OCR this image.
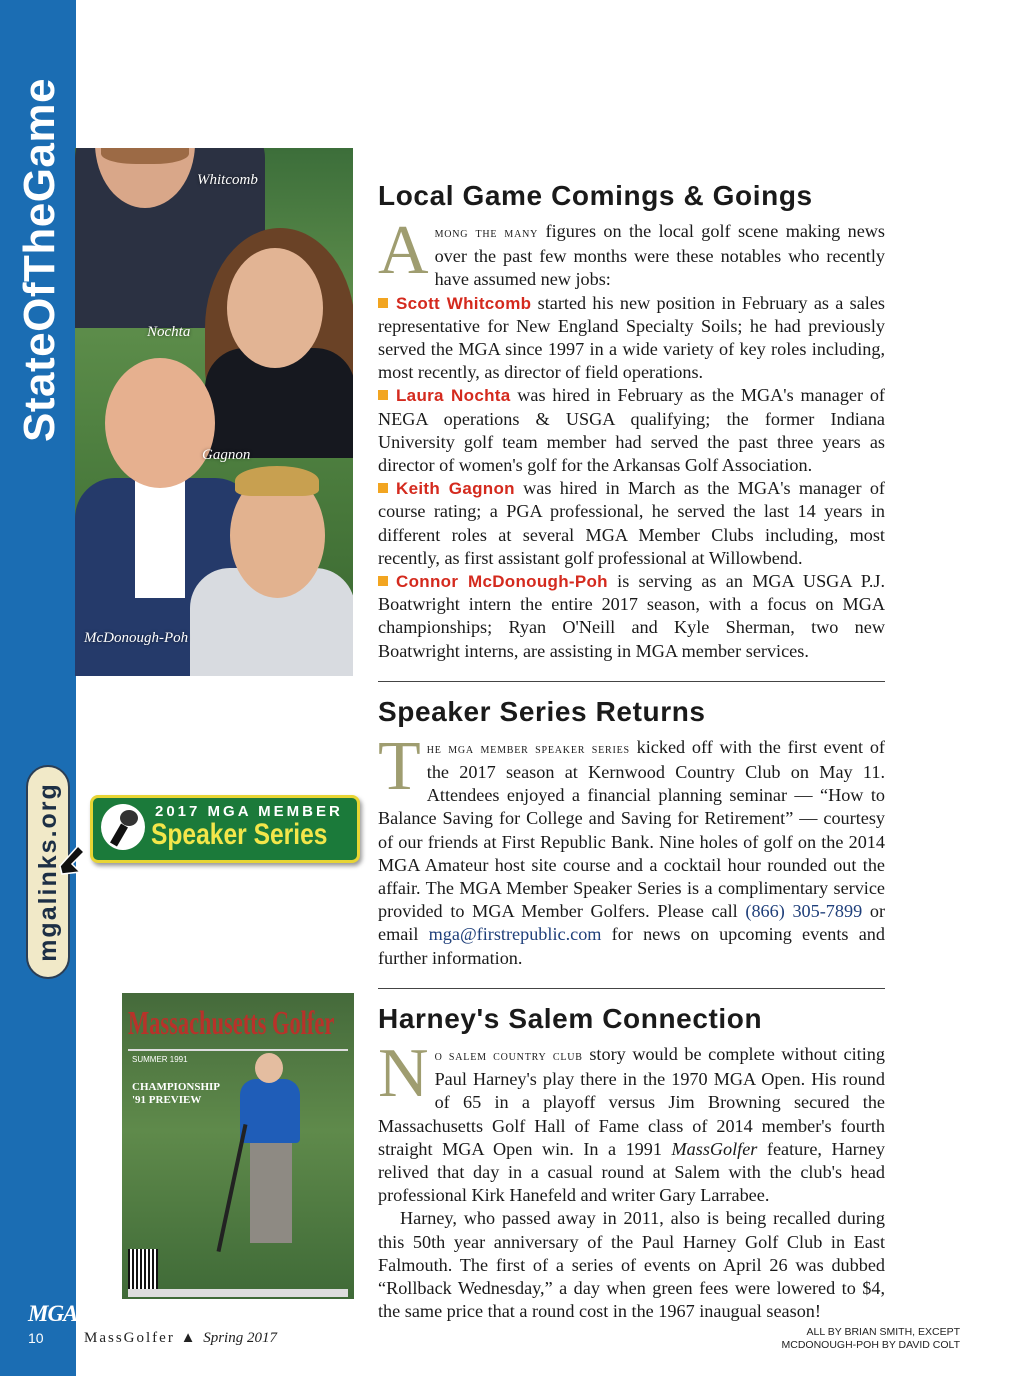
StateOfTheGame
mgalinks.org
MGA
10	MassGolfer ▲ Spring 2017	ALL BY BRIAN SMITH, EXCEPT
MCDONOUGH-POH BY DAVID COLT
Whitcomb
Nochta
Gagnon
McDonough-Poh
2017 MGA MEMBER
Speaker Series
Massachusetts Golfer
SUMMER 1991
CHAMPIONSHIP
'91 PREVIEW
Local Game Comings & Goings
Among the many figures on the local golf scene making news over the past few months were these notables who recently have assumed new jobs:
Scott Whitcomb started his new position in February as a sales representative for New England Specialty Soils; he had previously served the MGA since 1997 in a wide variety of key roles including, most recently, as director of field operations.
Laura Nochta was hired in February as the MGA's manager of NEGA operations & USGA qualifying; the former Indiana University golf team member had served the past three years as director of women's golf for the Arkansas Golf Association.
Keith Gagnon was hired in March as the MGA's manager of course rating; a PGA professional, he served the last 14 years in different roles at several MGA Member Clubs including, most recently, as first assistant golf professional at Willowbend.
Connor McDonough-Poh is serving as an MGA USGA P.J. Boatwright intern the entire 2017 season, with a focus on MGA championships; Ryan O'Neill and Kyle Sherman, two new Boatwright interns, are assisting in MGA member services.
Speaker Series Returns
The mga member speaker series kicked off with the first event of the 2017 season at Kernwood Country Club on May 11. Attendees enjoyed a financial planning seminar — “How to Balance Saving for College and Saving for Retirement” — courtesy of our friends at First Republic Bank. Nine holes of golf on the 2014 MGA Amateur host site course and a cocktail hour rounded out the affair. The MGA Member Speaker Series is a complimentary service provided to MGA Member Golfers. Please call (866) 305-7899 or email mga@firstrepublic.com for news on upcoming events and further information.
Harney's Salem Connection
No salem country club story would be complete without citing Paul Harney's play there in the 1970 MGA Open. His round of 65 in a playoff versus Jim Browning secured the Massachusetts Golf Hall of Fame class of 2014 member's fourth straight MGA Open win. In a 1991 MassGolfer feature, Harney relived that day in a casual round at Salem with the club's head professional Kirk Hanefeld and writer Gary Larrabee.
Harney, who passed away in 2011, also is being recalled during this 50th year anniversary of the Paul Harney Golf Club in East Falmouth. The first of a series of events on April 26 was dubbed “Rollback Wednesday,” a day when green fees were lowered to $4, the same price that a round cost in the 1967 inaugual season!
